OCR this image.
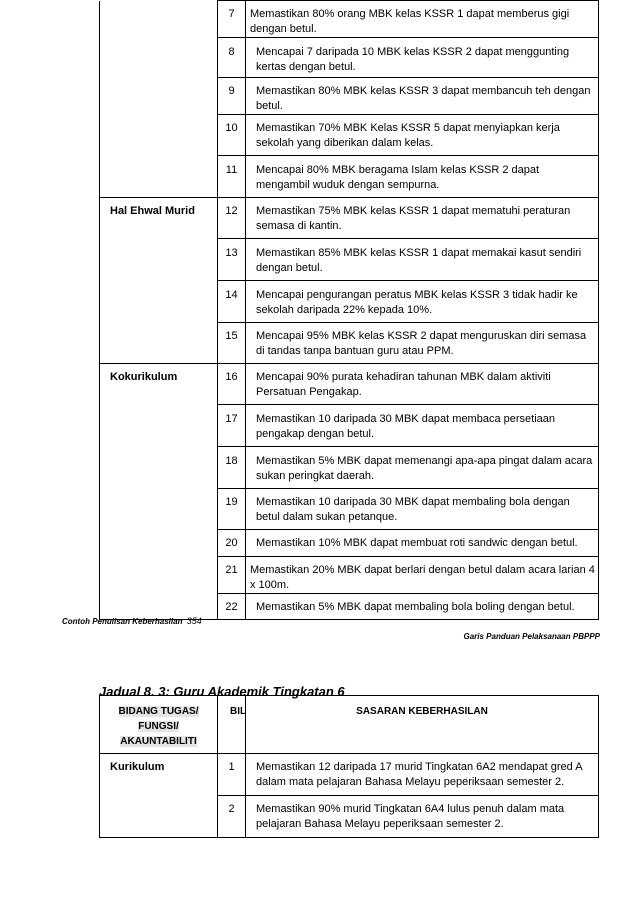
	7	Memastikan 80% orang MBK kelas KSSR 1 dapat memberus gigi dengan betul.
	8	Mencapai 7 daripada 10 MBK kelas KSSR 2 dapat menggunting kertas dengan betul.
	9	Memastikan 80% MBK kelas KSSR 3 dapat membancuh teh dengan betul.
	10	Memastikan 70% MBK Kelas KSSR 5 dapat menyiapkan kerja sekolah yang diberikan dalam kelas.
	11	Mencapai 80% MBK beragama Islam kelas KSSR 2 dapat mengambil wuduk dengan sempurna.
Hal Ehwal Murid	12	Memastikan 75% MBK kelas KSSR 1 dapat mematuhi peraturan semasa di kantin.
	13	Memastikan 85% MBK kelas KSSR 1 dapat memakai kasut sendiri dengan betul.
	14	Mencapai pengurangan peratus MBK kelas KSSR 3 tidak hadir ke sekolah daripada 22% kepada 10%.
	15	Mencapai 95% MBK kelas KSSR 2 dapat menguruskan diri semasa di tandas tanpa bantuan guru atau PPM.
Kokurikulum	16	Mencapai 90% purata kehadiran tahunan MBK dalam aktiviti Persatuan Pengakap.
	17	Memastikan 10 daripada 30 MBK dapat membaca persetiaan pengakap dengan betul.
	18	Memastikan 5% MBK dapat memenangi apa-apa pingat dalam acara sukan peringkat daerah.
	19	Memastikan 10 daripada 30 MBK dapat membaling bola dengan betul dalam sukan petanque.
	20	Memastikan 10% MBK dapat membuat roti sandwic dengan betul.
	21	Memastikan 20% MBK dapat berlari dengan betul dalam acara larian 4 x 100m.
	22	Memastikan 5% MBK dapat membaling bola boling dengan betul.
Contoh Penulisan Keberhasilan 354
Garis Panduan Pelaksanaan PBPPP
Jadual 8. 3: Guru Akademik Tingkatan 6
BIDANG TUGAS/ FUNGSI/ AKAUNTABILITI	BIL	SASARAN KEBERHASILAN
Kurikulum	1	Memastikan 12 daripada 17 murid Tingkatan 6A2 mendapat gred A dalam mata pelajaran Bahasa Melayu peperiksaan semester 2.
	2	Memastikan 90% murid Tingkatan 6A4 lulus penuh dalam mata pelajaran Bahasa Melayu peperiksaan semester 2.
